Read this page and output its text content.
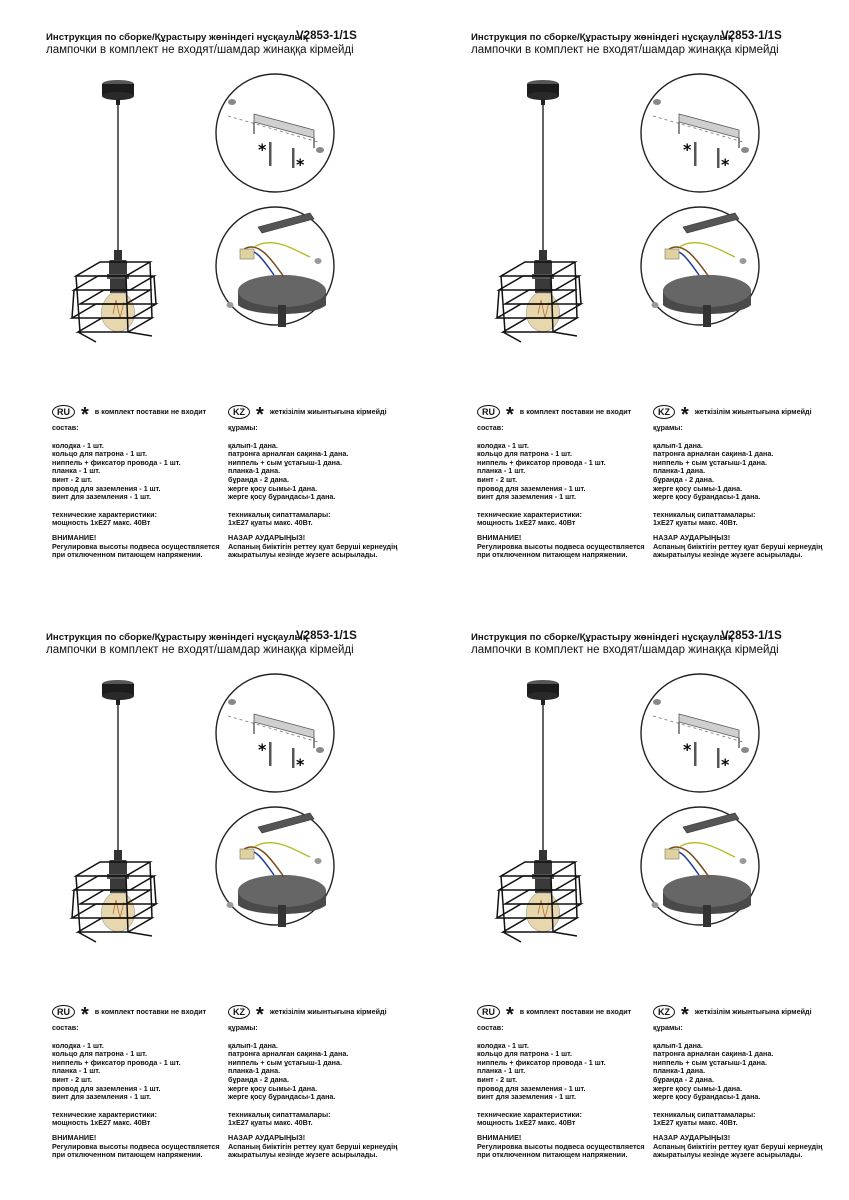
Инструкция по сборке/Құрастыру жөніндегі нұсқаулық
V2853-1/1S
лампочки в комплект не входят/шамдар жинаққа кірмейді
*
*
RU * в комплект поставки не входит
состав:
колодка - 1 шт.
кольцо для патрона - 1 шт.
ниппель + фиксатор провода - 1 шт.
планка - 1 шт.
винт - 2 шт.
провод для заземления - 1 шт.
винт для заземления - 1 шт.
технические характеристики:
мощность 1хЕ27 макс. 40Вт
ВНИМАНИЕ!
Регулировка высоты подвеса осуществляется
при отключенном питающем напряжении.
KZ * жеткізілім жиынтығына кірмейді
құрамы:
қалып-1 дана.
патронға арналған сақина-1 дана.
ниппель + сым ұстағыш-1 дана.
планка-1 дана.
бұранда - 2 дана.
жерге қосу сымы-1 дана.
жерге қосу бұрандасы-1 дана.
техникалық сипаттамалары:
1хЕ27 қуаты макс. 40Вт.
НАЗАР АУДАРЫҢЫЗ!
Аспаның биіктігін реттеу қуат беруші кернеудің
ажыратылуы кезінде жүзеге асырылады.
Инструкция по сборке/Құрастыру жөніндегі нұсқаулық
V2853-1/1S
лампочки в комплект не входят/шамдар жинаққа кірмейді
*
*
RU * в комплект поставки не входит
состав:
колодка - 1 шт.
кольцо для патрона - 1 шт.
ниппель + фиксатор провода - 1 шт.
планка - 1 шт.
винт - 2 шт.
провод для заземления - 1 шт.
винт для заземления - 1 шт.
технические характеристики:
мощность 1хЕ27 макс. 40Вт
ВНИМАНИЕ!
Регулировка высоты подвеса осуществляется
при отключенном питающем напряжении.
KZ * жеткізілім жиынтығына кірмейді
құрамы:
қалып-1 дана.
патронға арналған сақина-1 дана.
ниппель + сым ұстағыш-1 дана.
планка-1 дана.
бұранда - 2 дана.
жерге қосу сымы-1 дана.
жерге қосу бұрандасы-1 дана.
техникалық сипаттамалары:
1хЕ27 қуаты макс. 40Вт.
НАЗАР АУДАРЫҢЫЗ!
Аспаның биіктігін реттеу қуат беруші кернеудің
ажыратылуы кезінде жүзеге асырылады.
Инструкция по сборке/Құрастыру жөніндегі нұсқаулық
V2853-1/1S
лампочки в комплект не входят/шамдар жинаққа кірмейді
*
*
RU * в комплект поставки не входит
состав:
колодка - 1 шт.
кольцо для патрона - 1 шт.
ниппель + фиксатор провода - 1 шт.
планка - 1 шт.
винт - 2 шт.
провод для заземления - 1 шт.
винт для заземления - 1 шт.
технические характеристики:
мощность 1хЕ27 макс. 40Вт
ВНИМАНИЕ!
Регулировка высоты подвеса осуществляется
при отключенном питающем напряжении.
KZ * жеткізілім жиынтығына кірмейді
құрамы:
қалып-1 дана.
патронға арналған сақина-1 дана.
ниппель + сым ұстағыш-1 дана.
планка-1 дана.
бұранда - 2 дана.
жерге қосу сымы-1 дана.
жерге қосу бұрандасы-1 дана.
техникалық сипаттамалары:
1хЕ27 қуаты макс. 40Вт.
НАЗАР АУДАРЫҢЫЗ!
Аспаның биіктігін реттеу қуат беруші кернеудің
ажыратылуы кезінде жүзеге асырылады.
Инструкция по сборке/Құрастыру жөніндегі нұсқаулық
V2853-1/1S
лампочки в комплект не входят/шамдар жинаққа кірмейді
*
*
RU * в комплект поставки не входит
состав:
колодка - 1 шт.
кольцо для патрона - 1 шт.
ниппель + фиксатор провода - 1 шт.
планка - 1 шт.
винт - 2 шт.
провод для заземления - 1 шт.
винт для заземления - 1 шт.
технические характеристики:
мощность 1хЕ27 макс. 40Вт
ВНИМАНИЕ!
Регулировка высоты подвеса осуществляется
при отключенном питающем напряжении.
KZ * жеткізілім жиынтығына кірмейді
құрамы:
қалып-1 дана.
патронға арналған сақина-1 дана.
ниппель + сым ұстағыш-1 дана.
планка-1 дана.
бұранда - 2 дана.
жерге қосу сымы-1 дана.
жерге қосу бұрандасы-1 дана.
техникалық сипаттамалары:
1хЕ27 қуаты макс. 40Вт.
НАЗАР АУДАРЫҢЫЗ!
Аспаның биіктігін реттеу қуат беруші кернеудің
ажыратылуы кезінде жүзеге асырылады.
